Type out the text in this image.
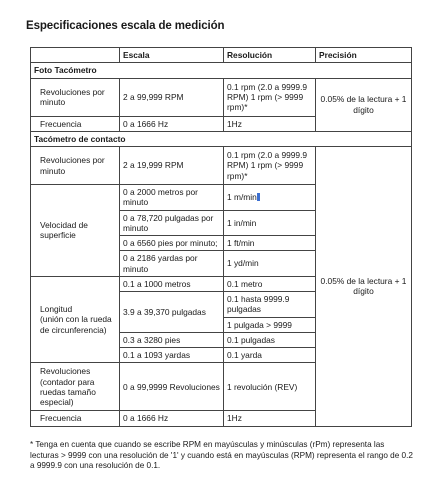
Especificaciones escala de medición
	Escala	Resolución	Precisión
Foto Tacómetro			
Revoluciones por minuto	2 a 99,999 RPM	0.1 rpm (2.0 a 9999.9 RPM) 1 rpm (> 9999 rpm)*	0.05% de la lectura + 1 dígito
Frecuencia	0 a 1666 Hz	1Hz	
Tacómetro de contacto			
Revoluciones por minuto	2 a 19,999 RPM	0.1 rpm (2.0 a 9999.9 RPM) 1 rpm (> 9999 rpm)*	0.05% de la lectura + 1 dígito
Velocidad de superficie	0 a 2000 metros por minuto	1 m/min	
	0 a 78,720 pulgadas por minuto	1 in/min	
	0 a 6560 pies por minuto;	1 ft/min	
	0 a 2186 yardas por minuto	1 yd/min	

Longitud
(unión con la rueda de circunferencia)	0.1 a 1000 metros	0.1 metro	
	3.9 a 39,370 pulgadas	0.1 hasta 9999.9 pulgadas	
		1 pulgada > 9999	
	0.3 a 3280 pies	0.1 pulgadas	
	0.1 a 1093 yardas	0.1 yarda	

Revoluciones (contador para ruedas tamaño especial)	0 a 99,9999 Revoluciones	1 revolución (REV)	
Frecuencia	0 a 1666 Hz	1Hz	
* Tenga en cuenta que cuando se escribe RPM en mayúsculas y minúsculas (rPm) representa las lecturas > 9999 con una resolución de '1' y cuando está en mayúsculas (RPM) representa el rango de 0.2 a 9999.9 con una resolución de 0.1.
